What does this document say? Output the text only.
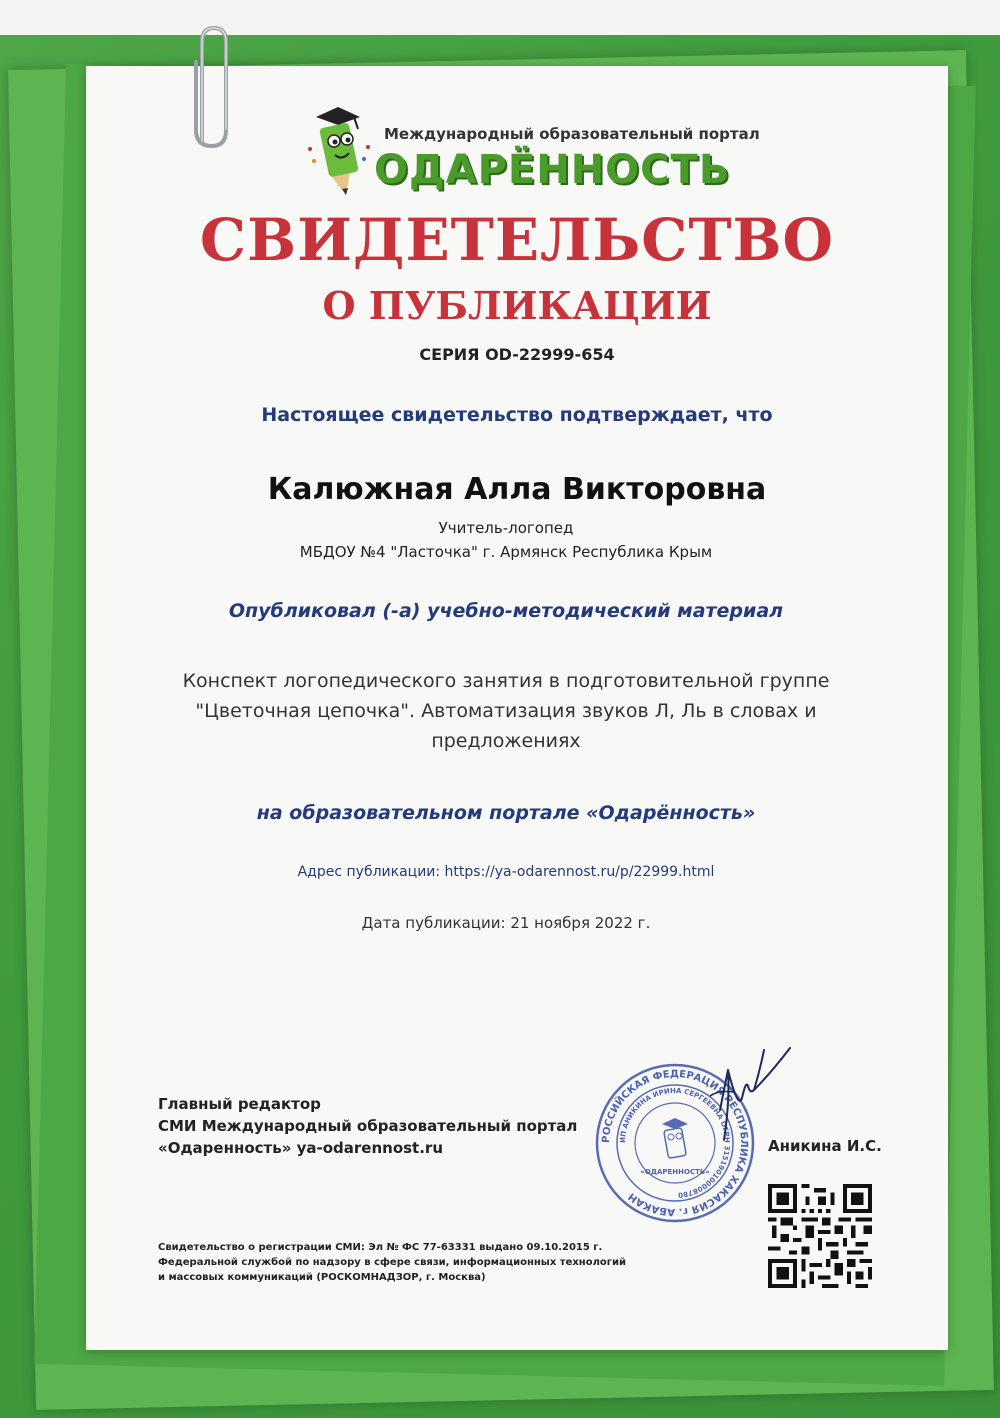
Международный образовательный портал
ОДАРЁННОСТЬ
СВИДЕТЕЛЬСТВО
О ПУБЛИКАЦИИ
СЕРИЯ OD-22999-654
Настоящее свидетельство подтверждает, что
Калюжная Алла Викторовна
Учитель-логопед
МБДОУ №4 "Ласточка" г. Армянск Республика Крым
Опубликовал (-а) учебно-методический материал
Конспект логопедического занятия в подготовительной группе "Цветочная цепочка". Автоматизация звуков Л, Ль в словах и предложениях
на образовательном портале «Одарённость»
Адрес публикации: https://ya-odarennost.ru/p/22999.html
Дата публикации: 21 ноября 2022 г.
Главный редактор
СМИ Международный образовательный портал
«Одаренность» ya-odarennost.ru	РОССИЙСКАЯ ФЕДЕРАЦИЯ РЕСПУБЛИКА ХАКАСИЯ г. АБАКАН
ИП АНИКИНА ИРИНА СЕРГЕЕВНА ОГРН 315190100008780
«ОДАРЕННОСТЬ»
Аникина И.С.
Свидетельство о регистрации СМИ: Эл № ФС 77-63331 выдано 09.10.2015 г.
Федеральной службой по надзору в сфере связи, информационных технологий
и массовых коммуникаций (РОСКОМНАДЗОР, г. Москва)
